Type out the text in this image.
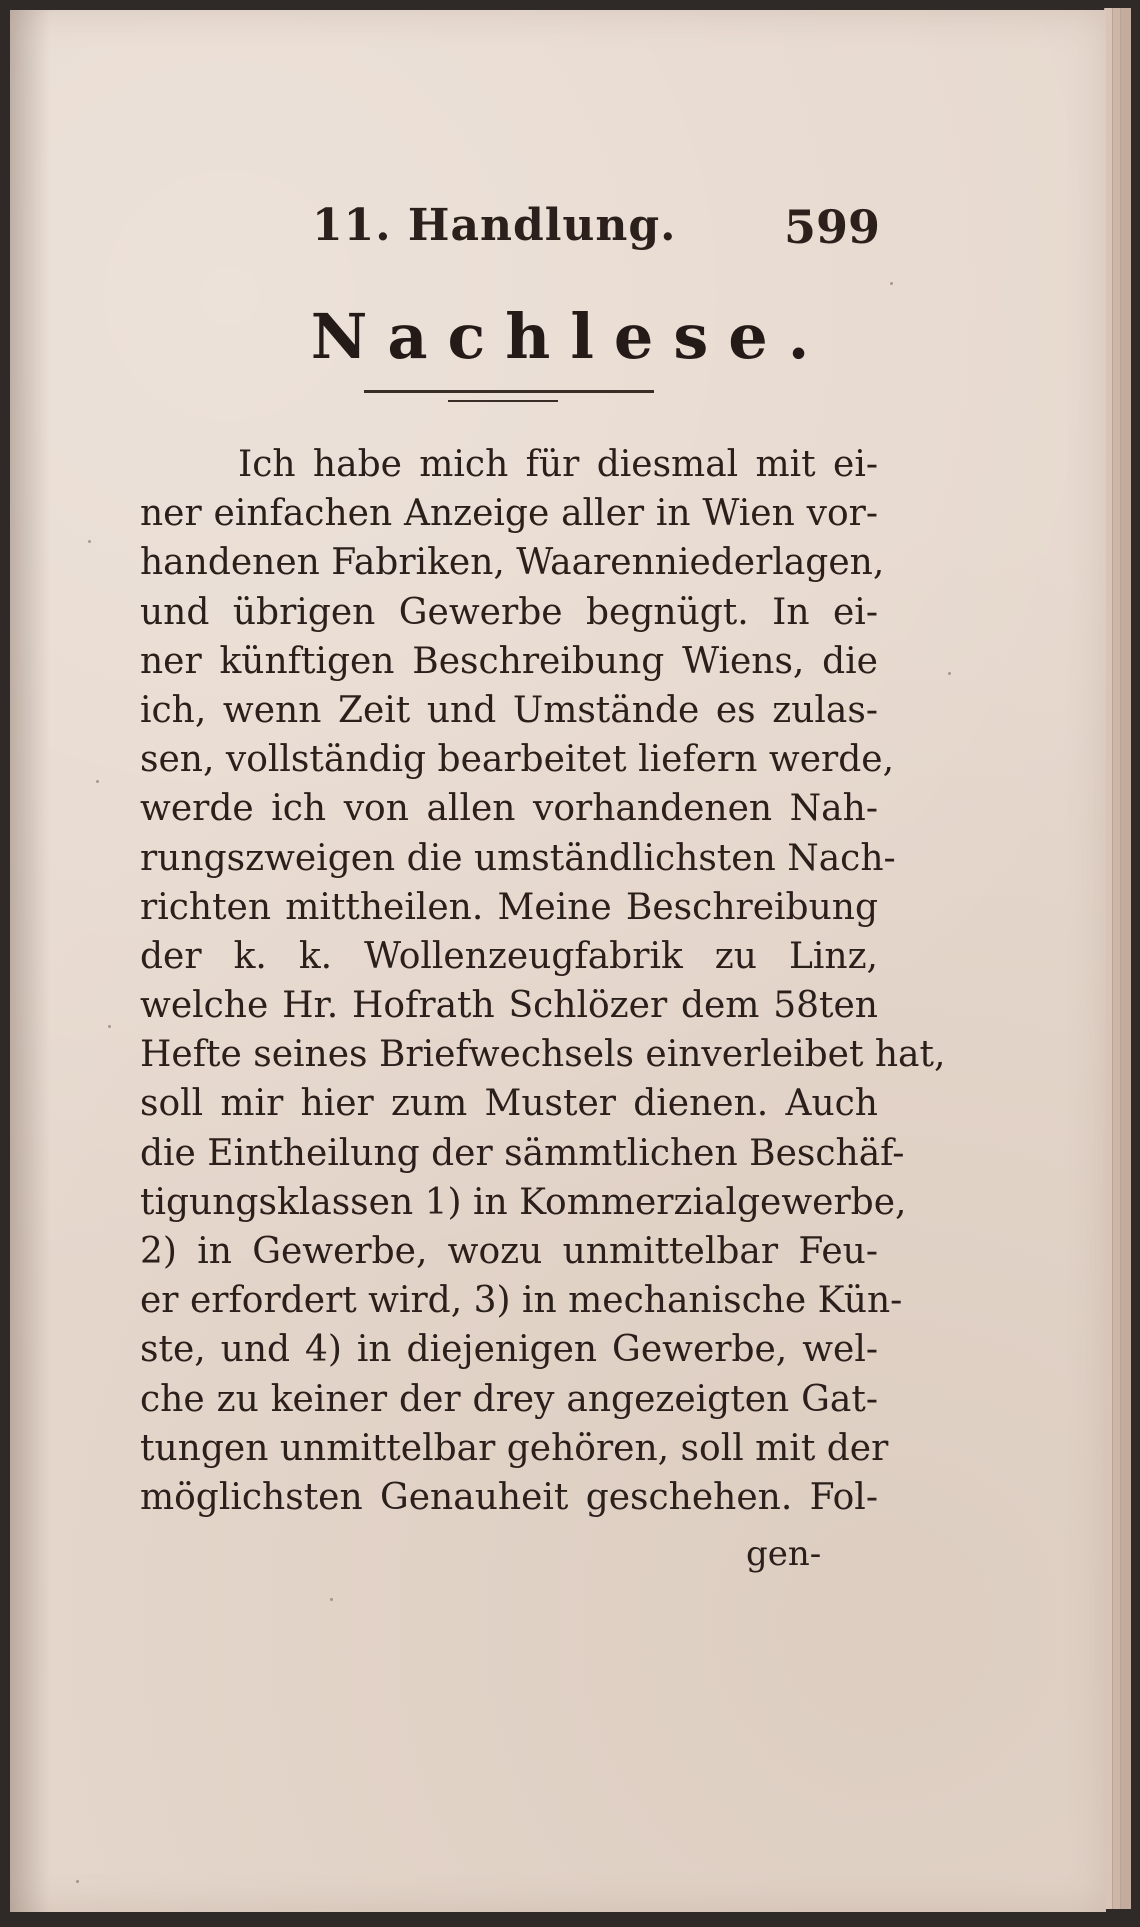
11. Handlung. 599
Nachlese.
Ich habe mich für diesmal mit ei-
ner einfachen Anzeige aller in Wien vor-
handenen Fabriken, Waarenniederlagen,
und übrigen Gewerbe begnügt. In ei-
ner künftigen Beschreibung Wiens, die
ich, wenn Zeit und Umstände es zulas-
sen, vollständig bearbeitet liefern werde,
werde ich von allen vorhandenen Nah-
rungszweigen die umständlichsten Nach-
richten mittheilen. Meine Beschreibung
der k. k. Wollenzeugfabrik zu Linz,
welche Hr. Hofrath Schlözer dem 58ten
Hefte seines Briefwechsels einverleibet hat,
soll mir hier zum Muster dienen. Auch
die Eintheilung der sämmtlichen Beschäf-
tigungsklassen 1) in Kommerzialgewerbe,
2) in Gewerbe, wozu unmittelbar Feu-
er erfordert wird, 3) in mechanische Kün-
ste, und 4) in diejenigen Gewerbe, wel-
che zu keiner der drey angezeigten Gat-
tungen unmittelbar gehören, soll mit der
möglichsten Genauheit geschehen. Fol-
gen-
